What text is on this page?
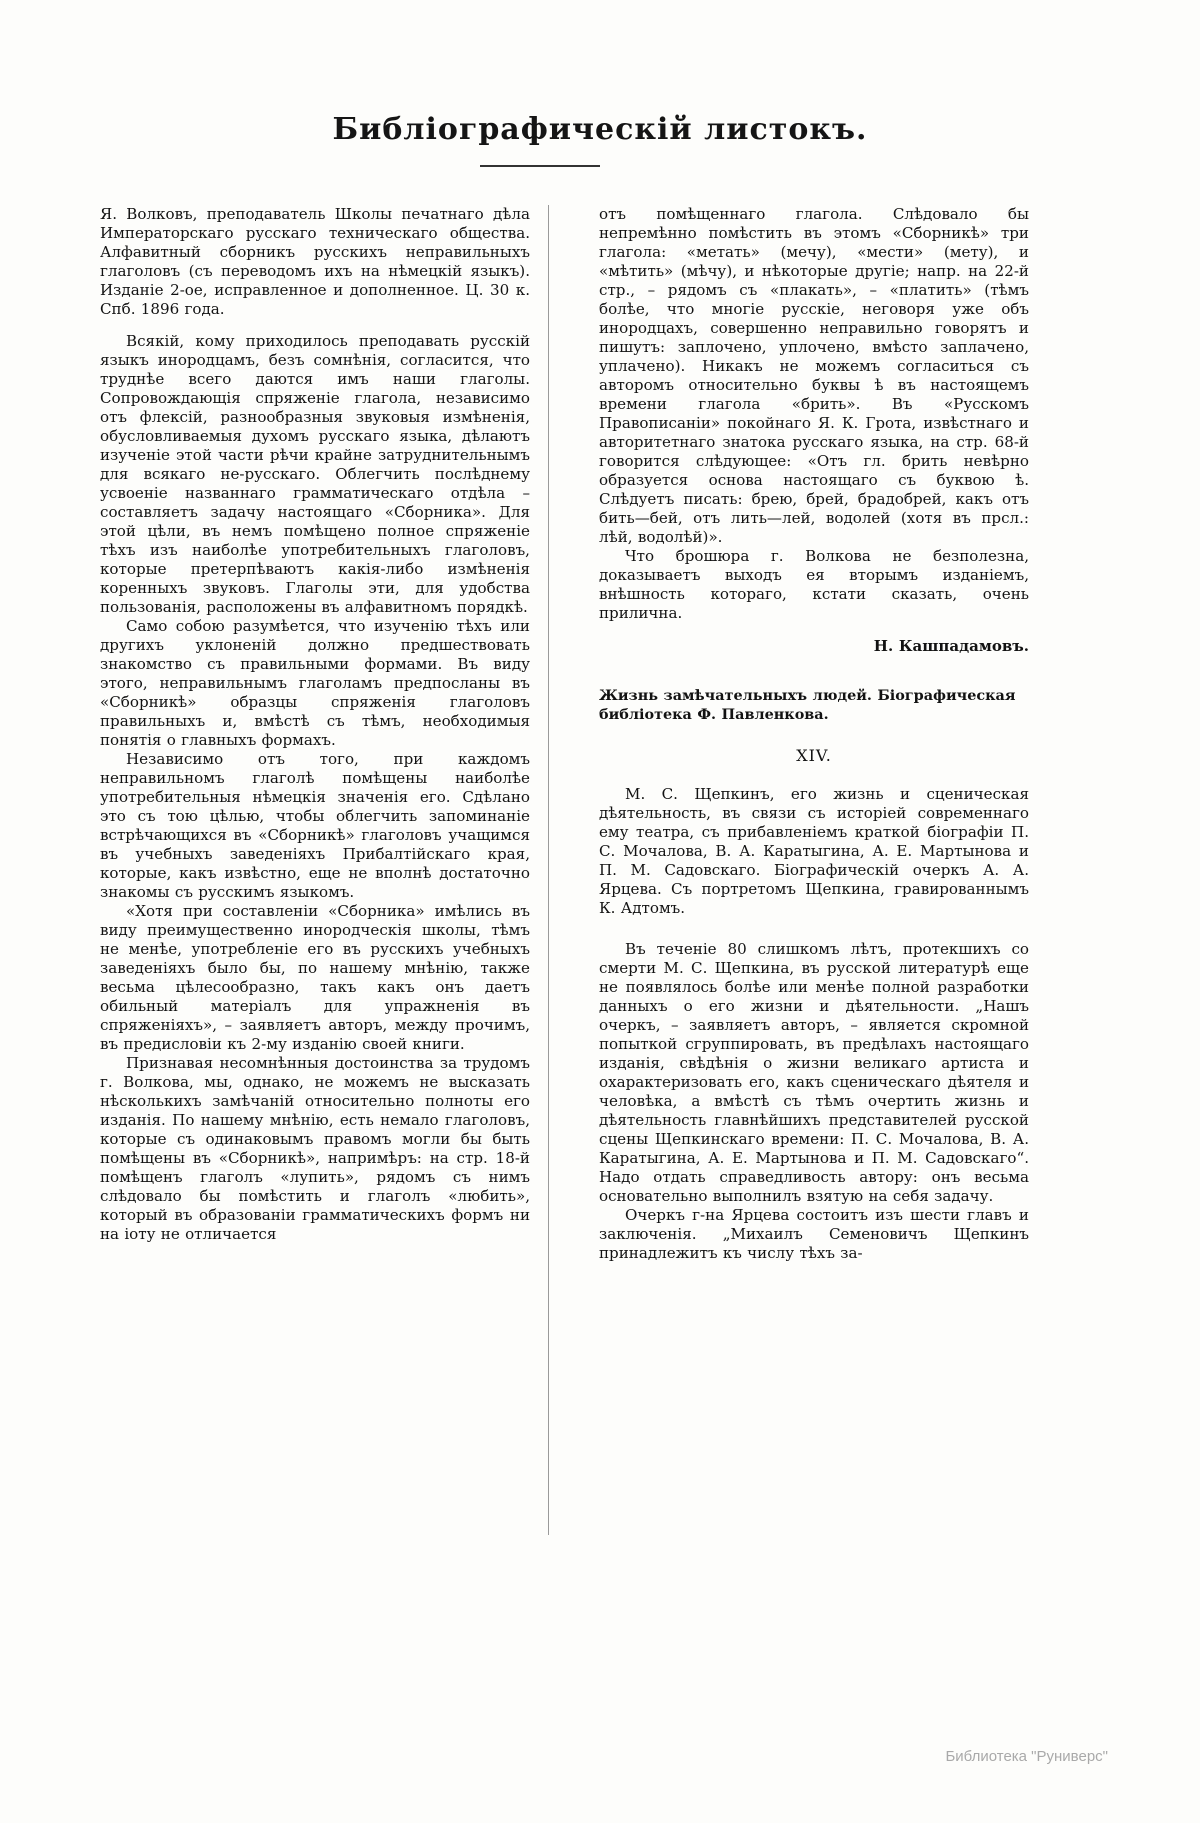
Библіографическій листокъ.

Я. Волковъ, преподаватель Школы печатнаго дѣла Императорскаго русскаго техническаго общества. Алфавитный сборникъ русскихъ неправильныхъ глаголовъ (съ переводомъ ихъ на нѣмецкій языкъ). Изданіе 2-ое, исправленное и дополненное. Ц. 30 к. Спб. 1896 года.

Всякій, кому приходилось преподавать русскій языкъ инородцамъ, безъ сомнѣнія, согласится, что труднѣе всего даются имъ наши глаголы. Сопровождающія спряженіе глагола, независимо отъ флексій, разнообразныя звуковыя измѣненія, обусловливаемыя духомъ русскаго языка, дѣлаютъ изученіе этой части рѣчи крайне затруднительнымъ для всякаго не-русскаго. Облегчить послѣднему усвоеніе названнаго грамматическаго отдѣла – составляетъ задачу настоящаго «Сборника». Для этой цѣли, въ немъ помѣщено полное спряженіе тѣхъ изъ наиболѣе употребительныхъ глаголовъ, которые претерпѣваютъ какія-либо измѣненія коренныхъ звуковъ. Глаголы эти, для удобства пользованія, расположены въ алфавитномъ порядкѣ.

Само собою разумѣется, что изученію тѣхъ или другихъ уклоненій должно предшествовать знакомство съ правильными формами. Въ виду этого, неправильнымъ глаголамъ предпосланы въ «Сборникѣ» образцы спряженія глаголовъ правильныхъ и, вмѣстѣ съ тѣмъ, необходимыя понятія о главныхъ формахъ.

Независимо отъ того, при каждомъ неправильномъ глаголѣ помѣщены наиболѣе употребительныя нѣмецкія значенія его. Сдѣлано это съ тою цѣлью, чтобы облегчить запоминаніе встрѣчающихся въ «Сборникѣ» глаголовъ учащимся въ учебныхъ заведеніяхъ Прибалтійскаго края, которые, какъ извѣстно, еще не вполнѣ достаточно знакомы съ русскимъ языкомъ.

«Хотя при составленіи «Сборника» имѣлись въ виду преимущественно инородческія школы, тѣмъ не менѣе, употребленіе его въ русскихъ учебныхъ заведеніяхъ было бы, по нашему мнѣнію, также весьма цѣлесообразно, такъ какъ онъ даетъ обильный матеріалъ для упражненія въ спряженіяхъ», – заявляетъ авторъ, между прочимъ, въ предисловіи къ 2-му изданію своей книги.

Признавая несомнѣнныя достоинства за трудомъ г. Волкова, мы, однако, не можемъ не высказать нѣсколькихъ замѣчаній относительно полноты его изданія. По нашему мнѣнію, есть немало глаголовъ, которые съ одинаковымъ правомъ могли бы быть помѣщены въ «Сборникѣ», напримѣръ: на стр. 18-й помѣщенъ глаголъ «лупить», рядомъ съ нимъ слѣдовало бы помѣстить и глаголъ «любить», который въ образованіи грамматическихъ формъ ни на іоту не отличается

отъ помѣщеннаго глагола. Слѣдовало бы непремѣнно помѣстить въ этомъ «Сборникѣ» три глагола: «метать» (мечу), «мести» (мету), и «мѣтить» (мѣчу), и нѣкоторые другіе; напр. на 22-й стр., – рядомъ съ «плакать», – «платить» (тѣмъ болѣе, что многіе русскіе, неговоря уже объ инородцахъ, совершенно неправильно говорятъ и пишутъ: заплочено, уплочено, вмѣсто заплачено, уплачено). Никакъ не можемъ согласиться съ авторомъ относительно буквы ѣ въ настоящемъ времени глагола «брить». Въ «Русскомъ Правописаніи» покойнаго Я. К. Грота, извѣстнаго и авторитетнаго знатока русскаго языка, на стр. 68-й говорится слѣдующее: «Отъ гл. брить невѣрно образуется основа настоящаго съ буквою ѣ. Слѣдуетъ писать: брею, брей, брадобрей, какъ отъ бить—бей, отъ лить—лей, водолей (хотя въ прсл.: лѣй, водолѣй)».

Что брошюра г. Волкова не безполезна, доказываетъ выходъ ея вторымъ изданіемъ, внѣшность котораго, кстати сказать, очень прилична.

Н. Кашпадамовъ.

Жизнь замѣчательныхъ людей. Біографическая библіотека Ф. Павленкова.

XIV.

М. С. Щепкинъ, его жизнь и сценическая дѣятельность, въ связи съ исторіей современнаго ему театра, съ прибавленіемъ краткой біографіи П. С. Мочалова, В. А. Каратыгина, А. Е. Мартынова и П. М. Садовскаго. Біографическій очеркъ А. А. Ярцева. Съ портретомъ Щепкина, гравированнымъ К. Адтомъ.

Въ теченіе 80 слишкомъ лѣтъ, протекшихъ со смерти М. С. Щепкина, въ русской литературѣ еще не появлялось болѣе или менѣе полной разработки данныхъ о его жизни и дѣятельности. „Нашъ очеркъ, – заявляетъ авторъ, – является скромной попыткой сгруппировать, въ предѣлахъ настоящаго изданія, свѣдѣнія о жизни великаго артиста и охарактеризовать его, какъ сценическаго дѣятеля и человѣка, а вмѣстѣ съ тѣмъ очертить жизнь и дѣятельность главнѣйшихъ представителей русской сцены Щепкинскаго времени: П. С. Мочалова, В. А. Каратыгина, А. Е. Мартынова и П. М. Садовскаго“. Надо отдать справедливость автору: онъ весьма основательно выполнилъ взятую на себя задачу.

Очеркъ г-на Ярцева состоитъ изъ шести главъ и заключенія. „Михаилъ Семеновичъ Щепкинъ принадлежитъ къ числу тѣхъ за-

Библиотека "Руниверс"
